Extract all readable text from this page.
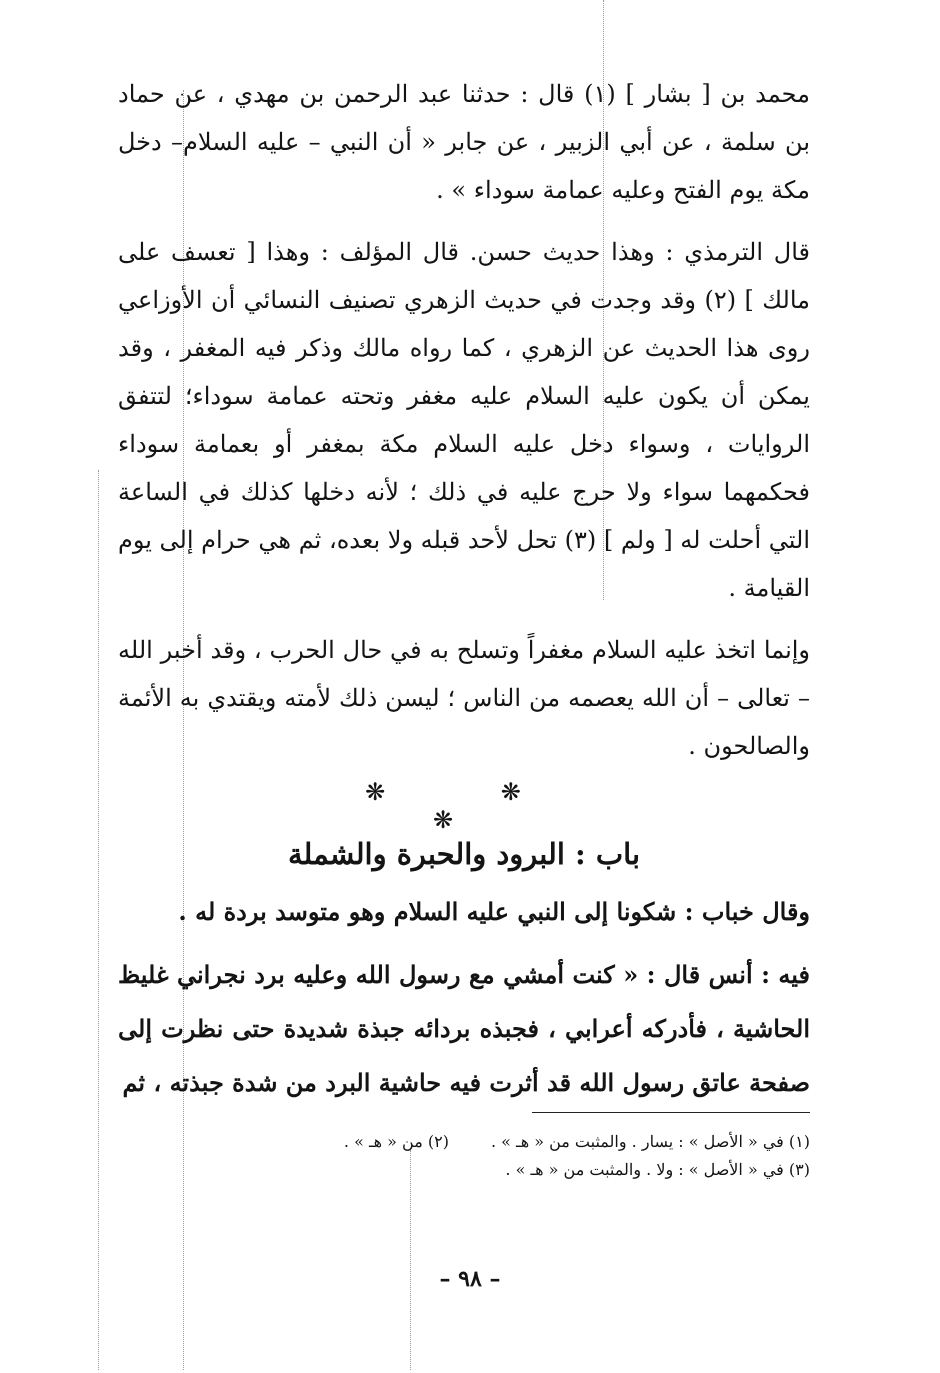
محمد بن [ بشار ] (١) قال : حدثنا عبد الرحمن بن مهدي ، عن حماد بن سلمة ، عن أبي الزبير ، عن جابر « أن النبي – عليه السلام– دخل مكة يوم الفتح وعليه عمامة سوداء » .

قال الترمذي : وهذا حديث حسن. قال المؤلف : وهذا [ تعسف على مالك ] (٢) وقد وجدت في حديث الزهري تصنيف النسائي أن الأوزاعي روى هذا الحديث عن الزهري ، كما رواه مالك وذكر فيه المغفر ، وقد يمكن أن يكون عليه السلام عليه مغفر وتحته عمامة سوداء؛ لتتفق الروايات ، وسواء دخل عليه السلام مكة بمغفر أو بعمامة سوداء فحكمهما سواء ولا حرج عليه في ذلك ؛ لأنه دخلها كذلك في الساعة التي أحلت له [ ولم ] (٣) تحل لأحد قبله ولا بعده، ثم هي حرام إلى يوم القيامة .

وإنما اتخذ عليه السلام مغفراً وتسلح به في حال الحرب ، وقد أخبر الله – تعالى – أن الله يعصمه من الناس ؛ ليسن ذلك لأمته ويقتدي به الأئمة والصالحون .

❋ ❋ ❋
باب : البرود والحبرة والشملة

وقال خباب : شكونا إلى النبي عليه السلام وهو متوسد بردة له .

فيه : أنس قال : « كنت أمشي مع رسول الله وعليه برد نجراني غليظ الحاشية ، فأدركه أعرابي ، فجبذه بردائه جبذة شديدة حتى نظرت إلى صفحة عاتق رسول الله قد أثرت فيه حاشية البرد من شدة جبذته ، ثم

(١) في « الأصل » : يسار . والمثبت من « هـ » .
(٢) من « هـ » .
(٣) في « الأصل » : ولا . والمثبت من « هـ » .
– ٩٨ –
